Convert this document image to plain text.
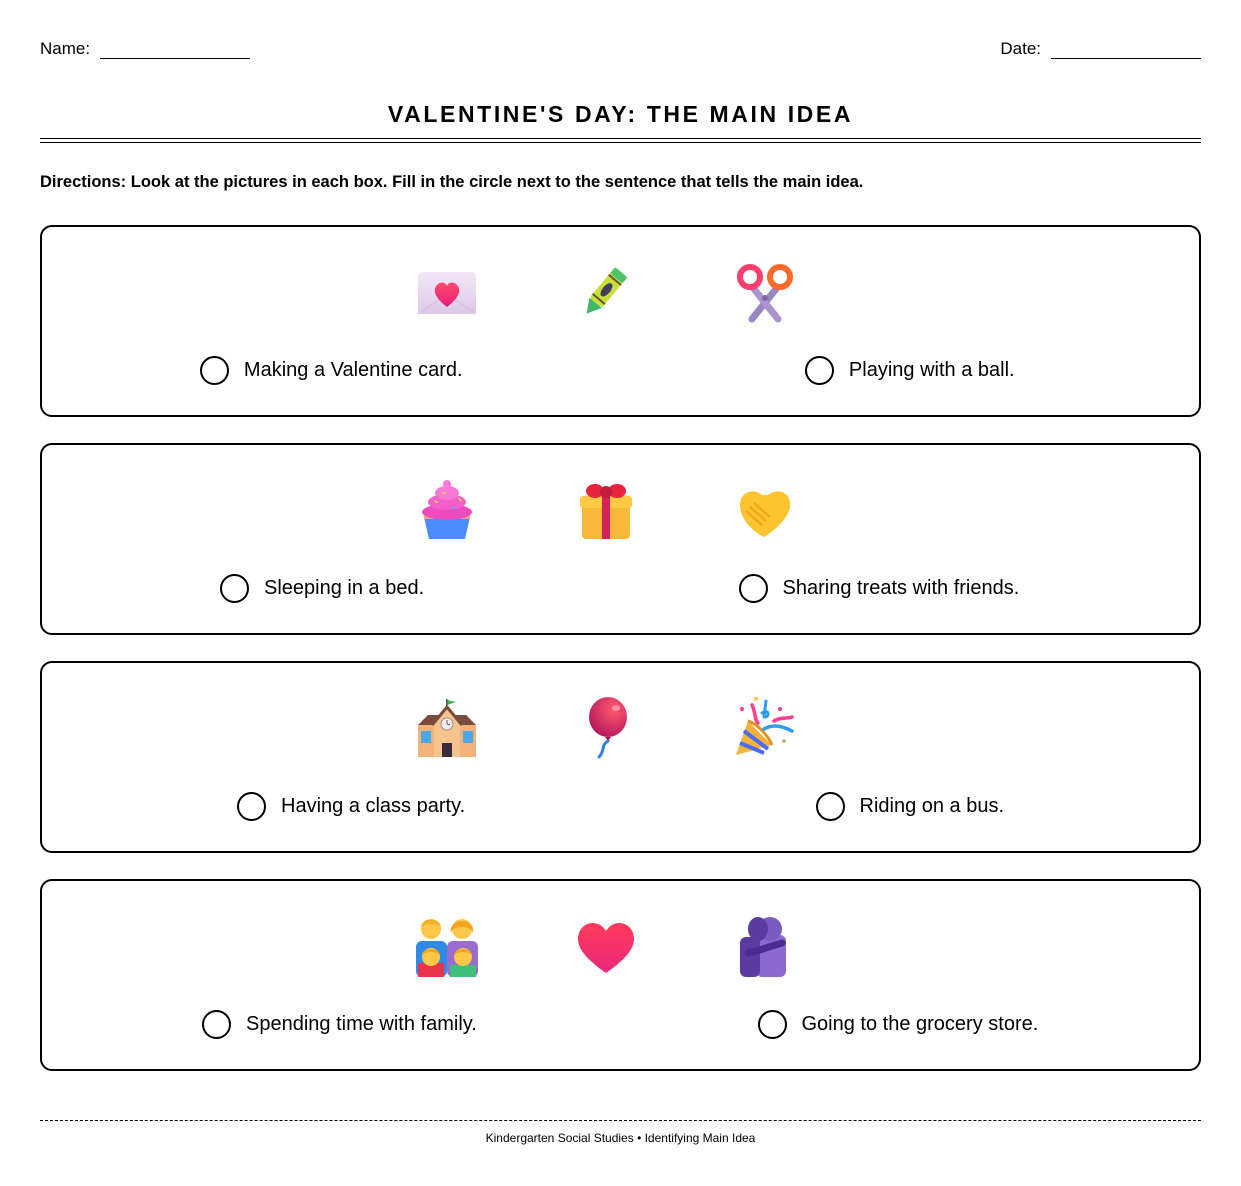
Name:	Date:
VALENTINE'S DAY: THE MAIN IDEA
Directions: Look at the pictures in each box. Fill in the circle next to the sentence that tells the main idea.
Making a Valentine card.	Playing with a ball.
Sleeping in a bed.	Sharing treats with friends.
Having a class party.	Riding on a bus.
Spending time with family.	Going to the grocery store.
Kindergarten Social Studies • Identifying Main Idea
